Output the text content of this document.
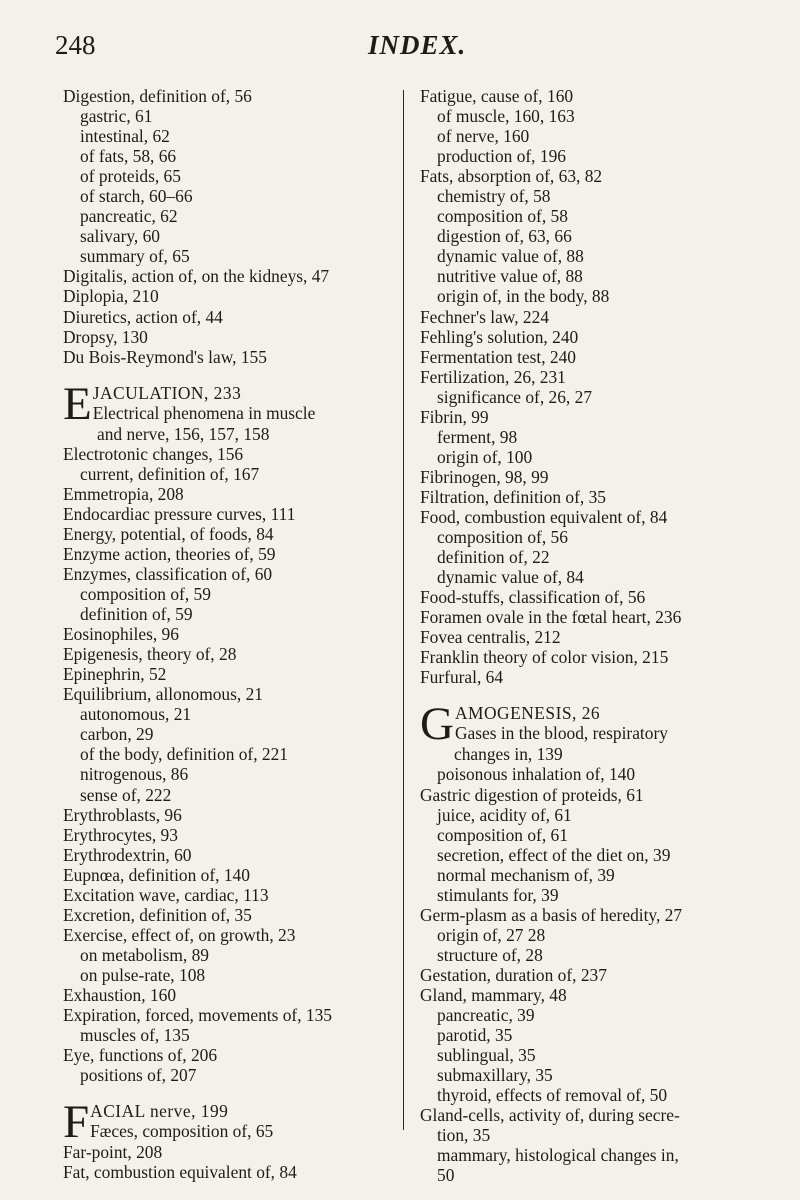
248	INDEX.
Digestion, definition of, 56
gastric, 61
intestinal, 62
of fats, 58, 66
of proteids, 65
of starch, 60–66
pancreatic, 62
salivary, 60
summary of, 65
Digitalis, action of, on the kidneys, 47
Diplopia, 210
Diuretics, action of, 44
Dropsy, 130
Du Bois-Reymond's law, 155
E JACULATION, 233
Electrical phenomena in muscle
and nerve, 156, 157, 158
Electrotonic changes, 156
current, definition of, 167
Emmetropia, 208
Endocardiac pressure curves, 111
Energy, potential, of foods, 84
Enzyme action, theories of, 59
Enzymes, classification of, 60
composition of, 59
definition of, 59
Eosinophiles, 96
Epigenesis, theory of, 28
Epinephrin, 52
Equilibrium, allonomous, 21
autonomous, 21
carbon, 29
of the body, definition of, 221
nitrogenous, 86
sense of, 222
Erythroblasts, 96
Erythrocytes, 93
Erythrodextrin, 60
Eupnœa, definition of, 140
Excitation wave, cardiac, 113
Excretion, definition of, 35
Exercise, effect of, on growth, 23
on metabolism, 89
on pulse-rate, 108
Exhaustion, 160
Expiration, forced, movements of, 135
muscles of, 135
Eye, functions of, 206
positions of, 207
F ACIAL nerve, 199
Fæces, composition of, 65
Far-point, 208
Fat, combustion equivalent of, 84
Fatigue, cause of, 160
of muscle, 160, 163
of nerve, 160
production of, 196
Fats, absorption of, 63, 82
chemistry of, 58
composition of, 58
digestion of, 63, 66
dynamic value of, 88
nutritive value of, 88
origin of, in the body, 88
Fechner's law, 224
Fehling's solution, 240
Fermentation test, 240
Fertilization, 26, 231
significance of, 26, 27
Fibrin, 99
ferment, 98
origin of, 100
Fibrinogen, 98, 99
Filtration, definition of, 35
Food, combustion equivalent of, 84
composition of, 56
definition of, 22
dynamic value of, 84
Food-stuffs, classification of, 56
Foramen ovale in the fœtal heart, 236
Fovea centralis, 212
Franklin theory of color vision, 215
Furfural, 64
G AMOGENESIS, 26
Gases in the blood, respiratory
changes in, 139
poisonous inhalation of, 140
Gastric digestion of proteids, 61
juice, acidity of, 61
composition of, 61
secretion, effect of the diet on, 39
normal mechanism of, 39
stimulants for, 39
Germ-plasm as a basis of heredity, 27
origin of, 27 28
structure of, 28
Gestation, duration of, 237
Gland, mammary, 48
pancreatic, 39
parotid, 35
sublingual, 35
submaxillary, 35
thyroid, effects of removal of, 50
Gland-cells, activity of, during secre-
tion, 35
mammary, histological changes in,
50
